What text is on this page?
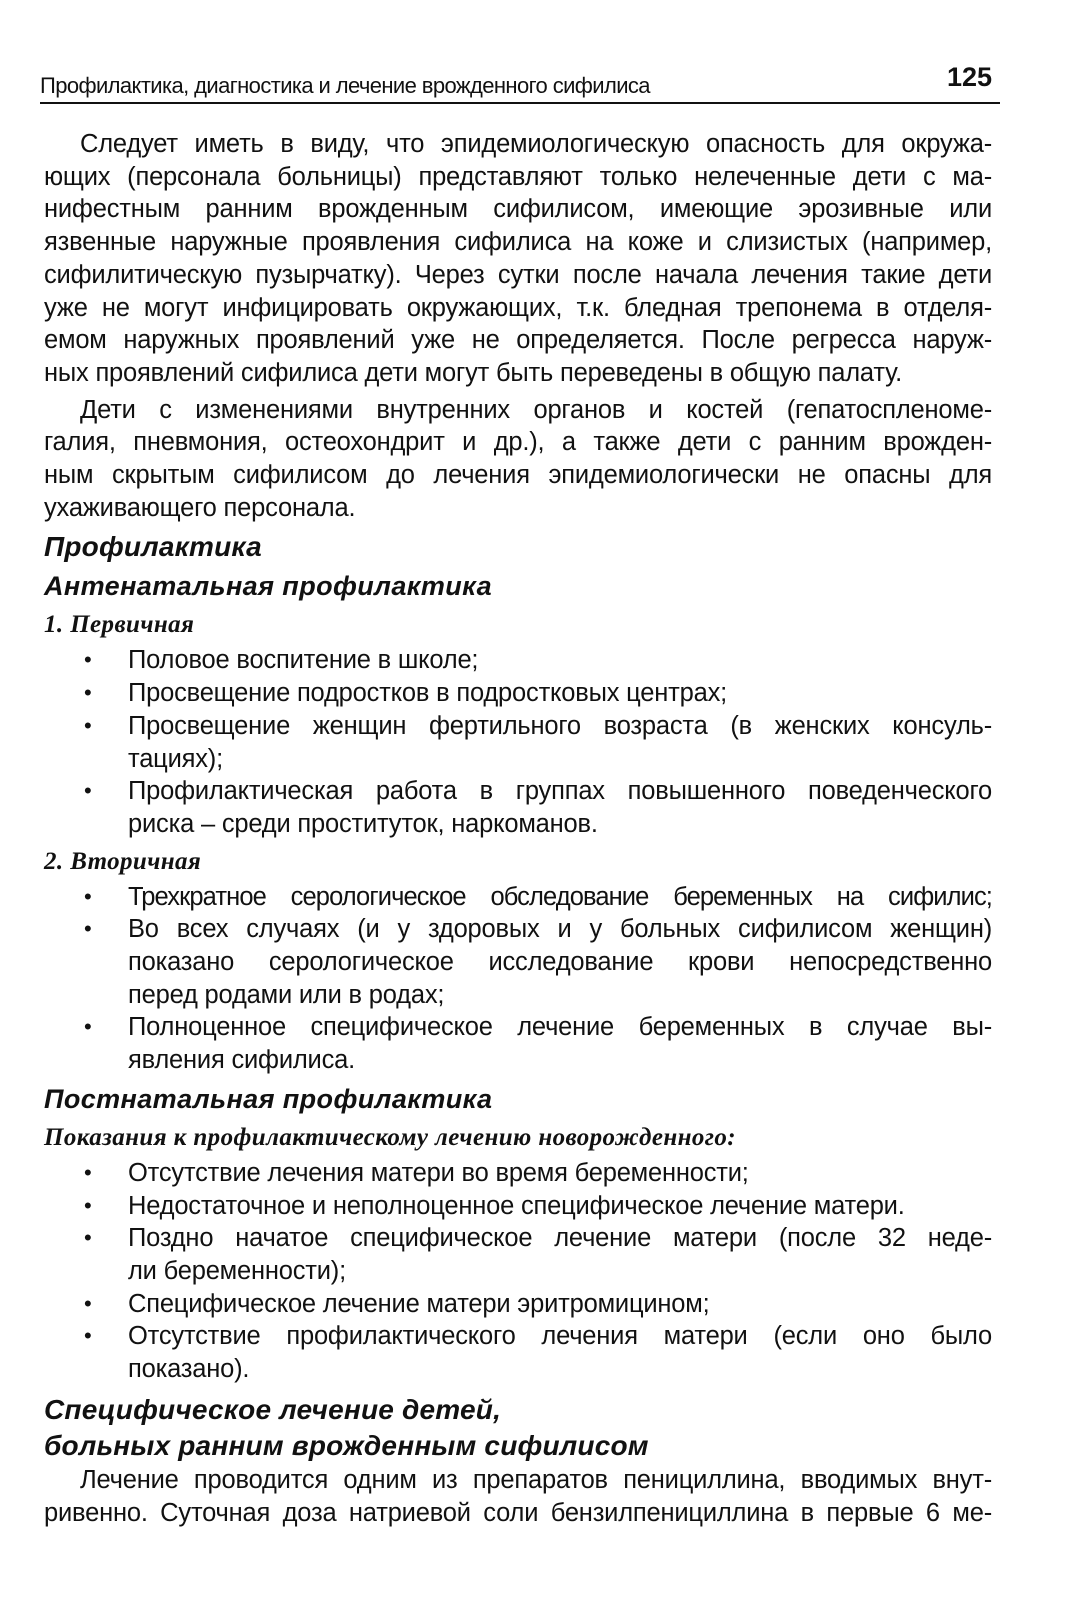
Профилактика, диагностика и лечение врожденного сифилиса	125
Следует иметь в виду, что эпидемиологическую опасность для окружа-
ющих (персонала больницы) представляют только нелеченные дети с ма-
нифестным ранним врожденным сифилисом, имеющие эрозивные или
язвенные наружные проявления сифилиса на коже и слизистых (например,
сифилитическую пузырчатку). Через сутки после начала лечения такие дети
уже не могут инфицировать окружающих, т.к. бледная трепонема в отделя-
емом наружных проявлений уже не определяется. После регресса наруж-
ных проявлений сифилиса дети могут быть переведены в общую палату.
Дети с изменениями внутренних органов и костей (гепатоспленоме-
галия, пневмония, остеохондрит и др.), а также дети с ранним врожден-
ным скрытым сифилисом до лечения эпидемиологически не опасны для
ухаживающего персонала.
Профилактика
Антенатальная профилактика
1. Первичная
• Половое воспитение в школе;
• Просвещение подростков в подростковых центрах;
• Просвещение женщин фертильного возраста (в женских консуль-
тациях);
• Профилактическая работа в группах повышенного поведенческого
риска – среди проституток, наркоманов.
2. Вторичная
• Трехкратное серологическое обследование беременных на сифилис;
• Во всех случаях (и у здоровых и у больных сифилисом женщин)
показано серологическое исследование крови непосредственно
перед родами или в родах;
• Полноценное специфическое лечение беременных в случае вы-
явления сифилиса.
Постнатальная профилактика
Показания к профилактическому лечению новорожденного:
• Отсутствие лечения матери во время беременности;
• Недостаточное и неполноценное специфическое лечение матери.
• Поздно начатое специфическое лечение матери (после 32 неде-
ли беременности);
• Специфическое лечение матери эритромицином;
• Отсутствие профилактического лечения матери (если оно было
показано).
Специфическое лечение детей,
больных ранним врожденным сифилисом
Лечение проводится одним из препаратов пенициллина, вводимых внут-
ривенно. Суточная доза натриевой соли бензилпенициллина в первые 6 ме-
